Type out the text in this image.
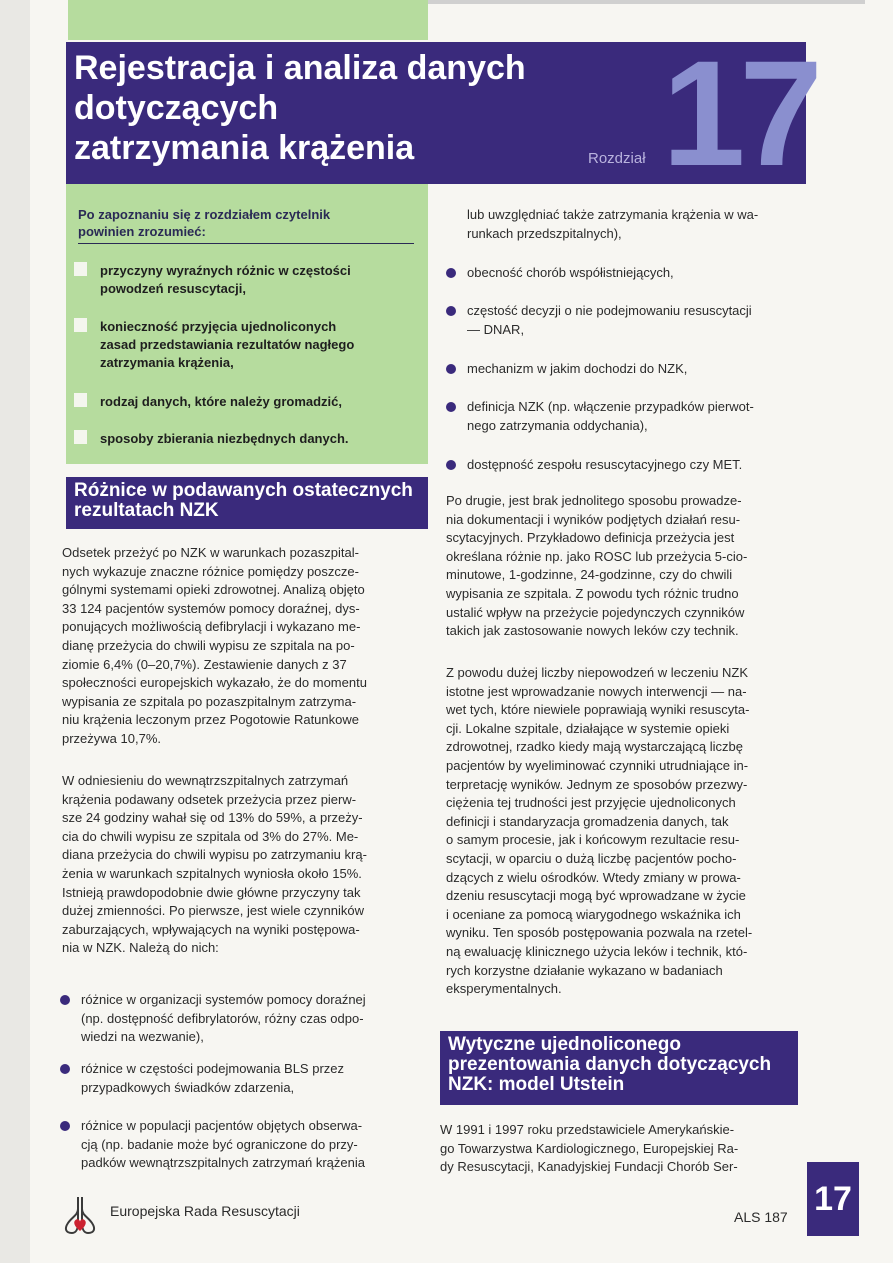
Rejestracja i analiza danych
dotyczących
zatrzymania krążenia	Rozdział 17
Po zapoznaniu się z rozdziałem czytelnik
powinien zrozumieć:
przyczyny wyraźnych różnic w częstości
powodzeń resuscytacji,
konieczność przyjęcia ujednoliconych
zasad przedstawiania rezultatów nagłego
zatrzymania krążenia,
rodzaj danych, które należy gromadzić,
sposoby zbierania niezbędnych danych.
Różnice w podawanych ostatecznych
rezultatach NZK
Odsetek przeżyć po NZK w warunkach pozaszpital-
nych wykazuje znaczne różnice pomiędzy poszcze-
gólnymi systemami opieki zdrowotnej. Analizą objęto
33 124 pacjentów systemów pomocy doraźnej, dys-
ponujących możliwością defibrylacji i wykazano me-
dianę przeżycia do chwili wypisu ze szpitala na po-
ziomie 6,4% (0–20,7%). Zestawienie danych z 37
społeczności europejskich wykazało, że do momentu
wypisania ze szpitala po pozaszpitalnym zatrzyma-
niu krążenia leczonym przez Pogotowie Ratunkowe
przeżywa 10,7%.
W odniesieniu do wewnątrzszpitalnych zatrzymań
krążenia podawany odsetek przeżycia przez pierw-
sze 24 godziny wahał się od 13% do 59%, a przeży-
cia do chwili wypisu ze szpitala od 3% do 27%. Me-
diana przeżycia do chwili wypisu po zatrzymaniu krą-
żenia w warunkach szpitalnych wyniosła około 15%.
Istnieją prawdopodobnie dwie główne przyczyny tak
dużej zmienności. Po pierwsze, jest wiele czynników
zaburzających, wpływających na wyniki postępowa-
nia w NZK. Należą do nich:
różnice w organizacji systemów pomocy doraźnej
(np. dostępność defibrylatorów, różny czas odpo-
wiedzi na wezwanie),
różnice w częstości podejmowania BLS przez
przypadkowych świadków zdarzenia,
różnice w populacji pacjentów objętych obserwa-
cją (np. badanie może być ograniczone do przy-
padków wewnątrzszpitalnych zatrzymań krążenia
lub uwzględniać także zatrzymania krążenia w wa-
runkach przedszpitalnych),
obecność chorób współistniejących,
częstość decyzji o nie podejmowaniu resuscytacji
— DNAR,
mechanizm w jakim dochodzi do NZK,
definicja NZK (np. włączenie przypadków pierwot-
nego zatrzymania oddychania),
dostępność zespołu resuscytacyjnego czy MET.
Po drugie, jest brak jednolitego sposobu prowadze-
nia dokumentacji i wyników podjętych działań resu-
scytacyjnych. Przykładowo definicja przeżycia jest
określana różnie np. jako ROSC lub przeżycia 5-cio-
minutowe, 1-godzinne, 24-godzinne, czy do chwili
wypisania ze szpitala. Z powodu tych różnic trudno
ustalić wpływ na przeżycie pojedynczych czynników
takich jak zastosowanie nowych leków czy technik.
Z powodu dużej liczby niepowodzeń w leczeniu NZK
istotne jest wprowadzanie nowych interwencji — na-
wet tych, które niewiele poprawiają wyniki resuscyta-
cji. Lokalne szpitale, działające w systemie opieki
zdrowotnej, rzadko kiedy mają wystarczającą liczbę
pacjentów by wyeliminować czynniki utrudniające in-
terpretację wyników. Jednym ze sposobów przezwy-
ciężenia tej trudności jest przyjęcie ujednoliconych
definicji i standaryzacja gromadzenia danych, tak
o samym procesie, jak i końcowym rezultacie resu-
scytacji, w oparciu o dużą liczbę pacjentów pocho-
dzących z wielu ośrodków. Wtedy zmiany w prowa-
dzeniu resuscytacji mogą być wprowadzane w życie
i oceniane za pomocą wiarygodnego wskaźnika ich
wyniku. Ten sposób postępowania pozwala na rzetel-
ną ewaluację klinicznego użycia leków i technik, któ-
rych korzystne działanie wykazano w badaniach
eksperymentalnych.
Wytyczne ujednoliconego
prezentowania danych dotyczących
NZK: model Utstein
W 1991 i 1997 roku przedstawiciele Amerykańskie-
go Towarzystwa Kardiologicznego, Europejskiej Ra-
dy Resuscytacji, Kanadyjskiej Fundacji Chorób Ser-
Europejska Rada Resuscytacji	ALS 187 17
